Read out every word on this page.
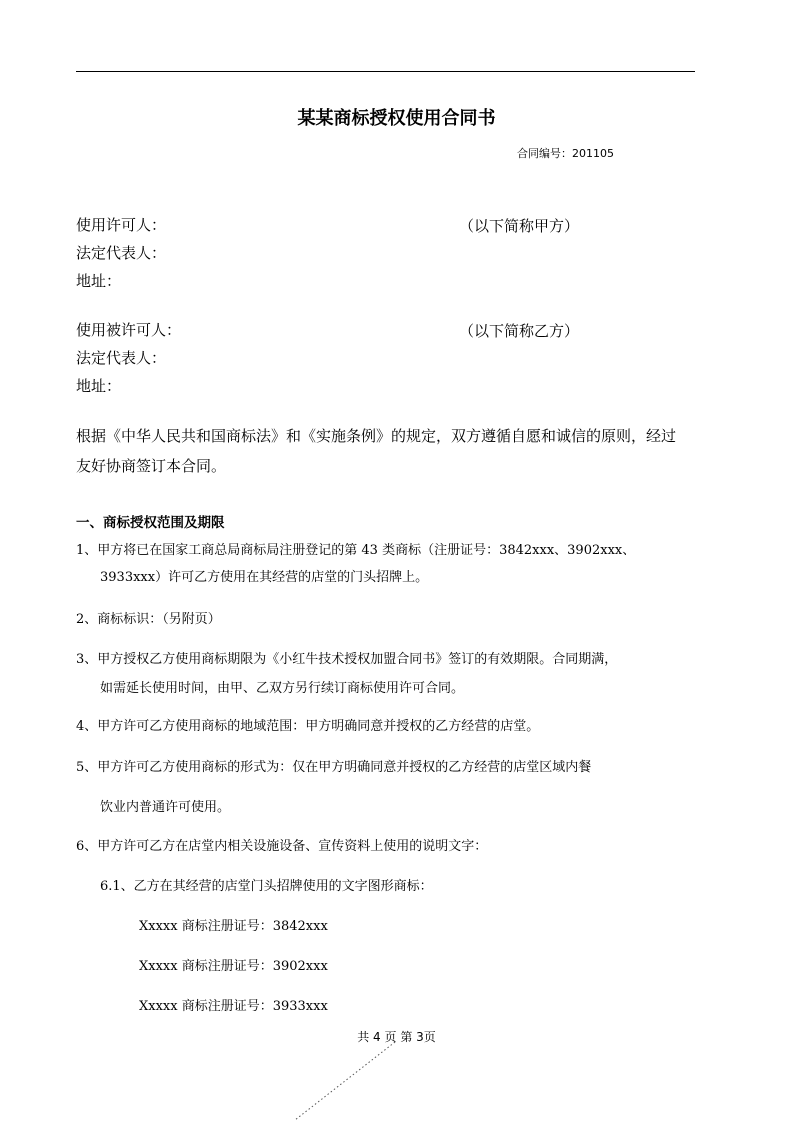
某某商标授权使用合同书
合同编号：201105
使用许可人：	（以下简称甲方）
法定代表人：
地址：
使用被许可人：	（以下简称乙方）
法定代表人：
地址：
根据《中华人民共和国商标法》和《实施条例》的规定，双方遵循自愿和诚信的原则，经过
友好协商签订本合同。
一、商标授权范围及期限
1、甲方将已在国家工商总局商标局注册登记的第 43 类商标（注册证号：3842xxx、3902xxx、
3933xxx）许可乙方使用在其经营的店堂的门头招牌上。
2、商标标识：（另附页）
3、甲方授权乙方使用商标期限为《小红牛技术授权加盟合同书》签订的有效期限。合同期满，
如需延长使用时间，由甲、乙双方另行续订商标使用许可合同。
4、甲方许可乙方使用商标的地域范围：甲方明确同意并授权的乙方经营的店堂。
5、甲方许可乙方使用商标的形式为：仅在甲方明确同意并授权的乙方经营的店堂区域内餐
饮业内普通许可使用。
6、甲方许可乙方在店堂内相关设施设备、宣传资料上使用的说明文字：
6.1、乙方在其经营的店堂门头招牌使用的文字图形商标：
Xxxxx 商标注册证号：3842xxx
Xxxxx 商标注册证号：3902xxx
Xxxxx 商标注册证号：3933xxx
共 4 页 第 3页
